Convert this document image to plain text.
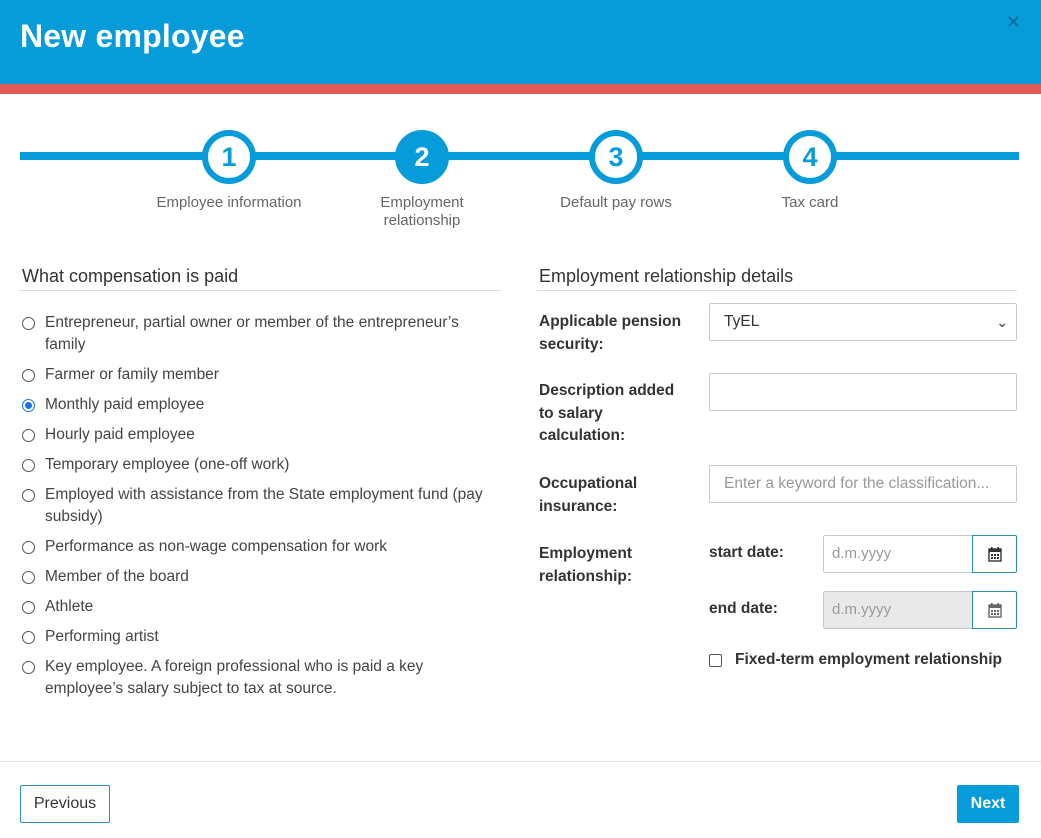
New employee	✕
1
Employee information
2
Employment relationship
3
Default pay rows
4
Tax card
What compensation is paid
Entrepreneur, partial owner or member of the entrepreneur’s family
Farmer or family member
Monthly paid employee
Hourly paid employee
Temporary employee (one-off work)
Employed with assistance from the State employment fund (pay subsidy)
Performance as non-wage compensation for work
Member of the board
Athlete
Performing artist
Key employee. A foreign professional who is paid a key employee’s salary subject to tax at source.
Employment relationship details
Applicable pension security:
TyEL	⌄
Description added to salary calculation:
Occupational insurance:
Enter a keyword for the classification...
Employment relationship:
start date:	d.m.yyyy
end date:	d.m.yyyy
Fixed-term employment relationship
Previous	Next
